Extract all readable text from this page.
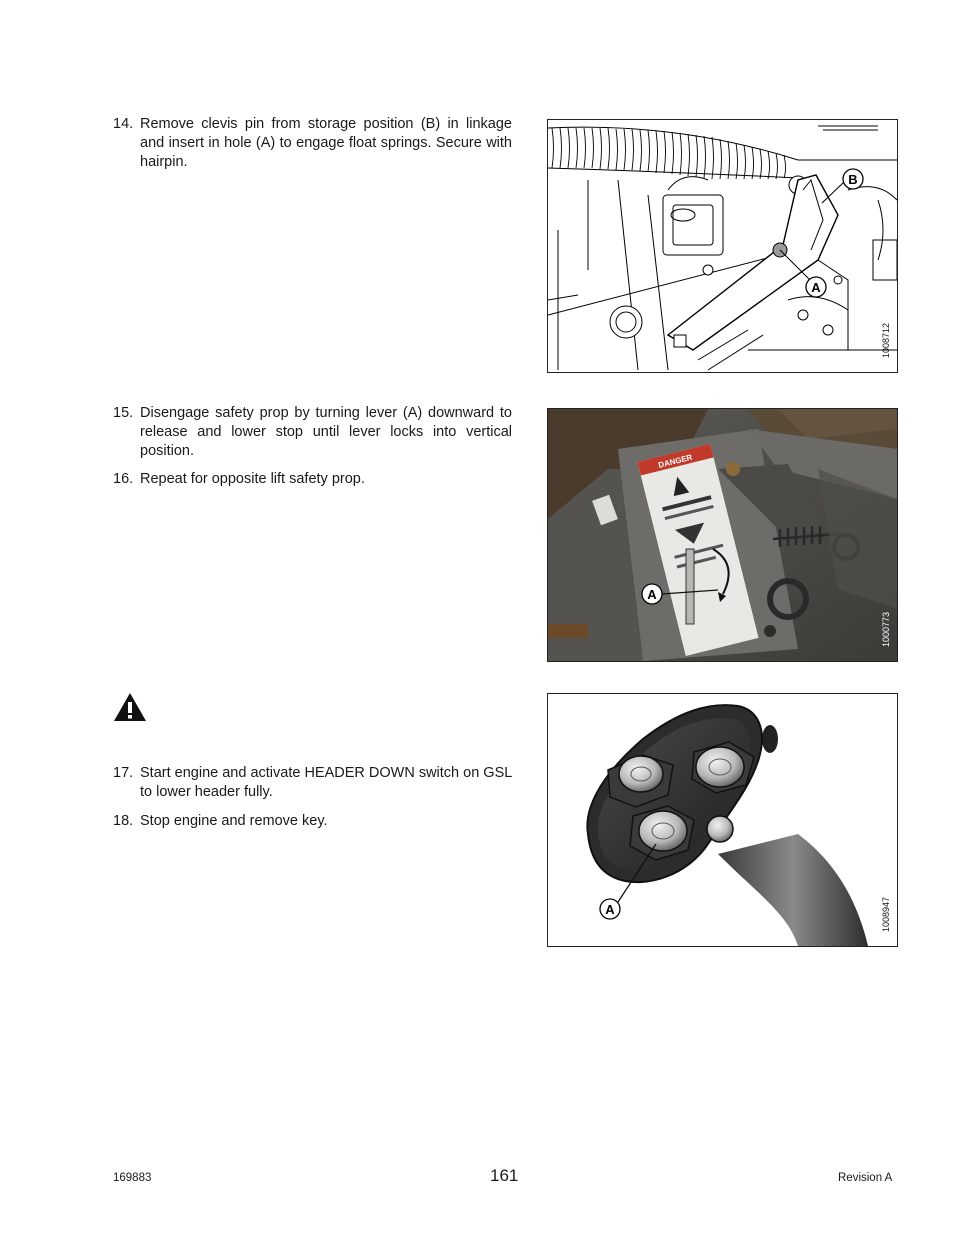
14. Remove clevis pin from storage position (B) in linkage and insert in hole (A) to engage float springs. Secure with hairpin.
B
A
1008712
15. Disengage safety prop by turning lever (A) downward to release and lower stop until lever locks into vertical position.
16. Repeat for opposite lift safety prop.
DANGER
A
1000773
17. Start engine and activate HEADER DOWN switch on GSL to lower header fully.
18. Stop engine and remove key.
A	1008947
169883	161	Revision A
